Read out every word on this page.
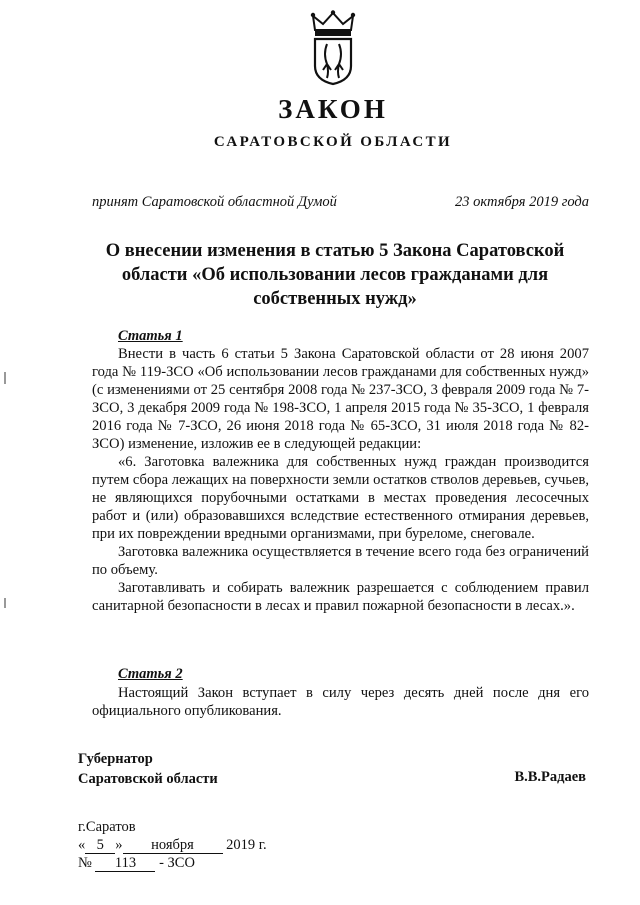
ЗАКОН
САРАТОВСКОЙ ОБЛАСТИ
принят Саратовской областной Думой	23 октября 2019 года
О внесении изменения в статью 5 Закона Саратовской области «Об использовании лесов гражданами для собственных нужд»
Статья 1

Внести в часть 6 статьи 5 Закона Саратовской области от 28 июня 2007 года № 119-ЗСО «Об использовании лесов гражданами для собственных нужд» (с изменениями от 25 сентября 2008 года № 237-ЗСО, 3 февраля 2009 года № 7-ЗСО, 3 декабря 2009 года № 198-ЗСО, 1 апреля 2015 года № 35-ЗСО, 1 февраля 2016 года № 7-ЗСО, 26 июня 2018 года № 65-ЗСО, 31 июля 2018 года № 82-ЗСО) изменение, изложив ее в следующей редакции:

«6. Заготовка валежника для собственных нужд граждан производится путем сбора лежащих на поверхности земли остатков стволов деревьев, сучьев, не являющихся порубочными остатками в местах проведения лесосечных работ и (или) образовавшихся вследствие естественного отмирания деревьев, при их повреждении вредными организмами, при буреломе, снеговале.

Заготовка валежника осуществляется в течение всего года без ограничений по объему.

Заготавливать и собирать валежник разрешается с соблюдением правил санитарной безопасности в лесах и правил пожарной безопасности в лесах.».

Статья 2

Настоящий Закон вступает в силу через десять дней после дня его официального опубликования.

Губернатор
Саратовской области	В.В.Радаев
г.Саратов
« 5 » ноября 2019 г.
№ 113 - ЗСО
